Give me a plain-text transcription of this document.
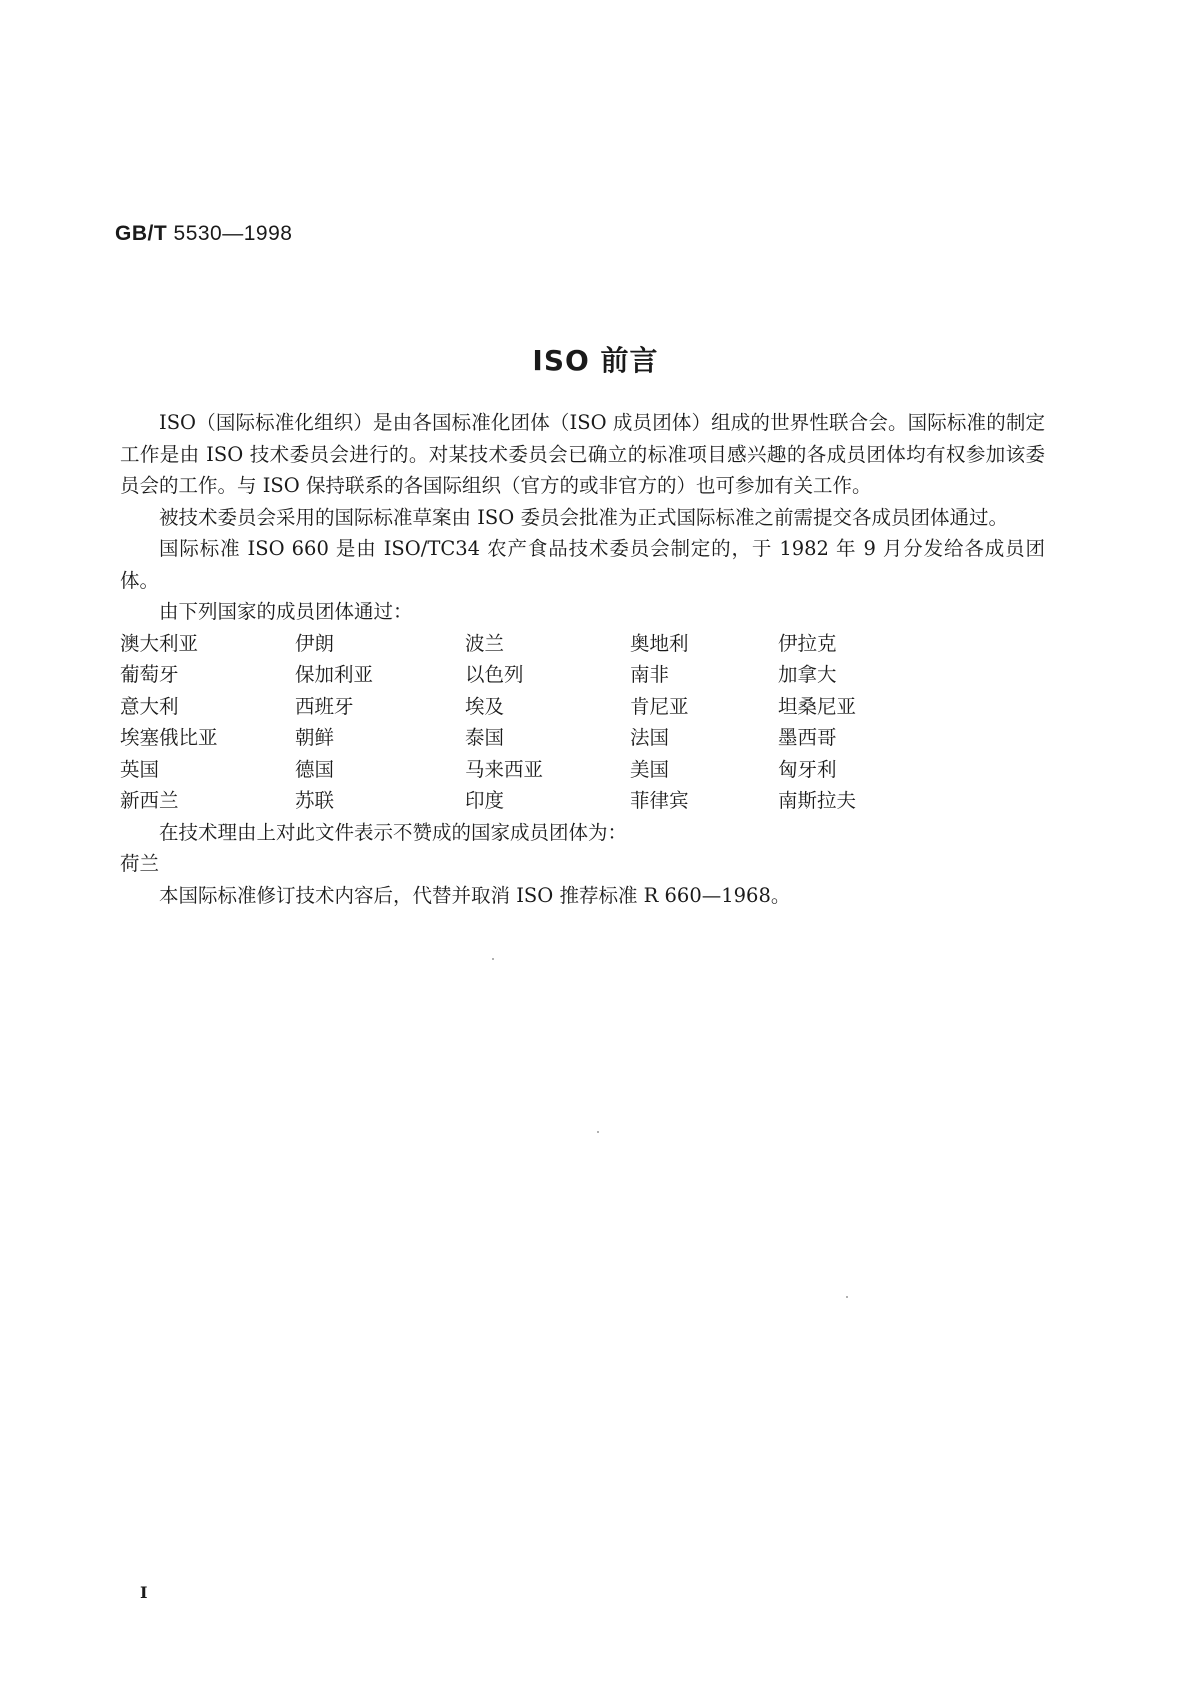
GB/T 5530—1998
ISO 前言

ISO（国际标准化组织）是由各国标准化团体（ISO 成员团体）组成的世界性联合会。国际标准的制定工作是由 ISO 技术委员会进行的。对某技术委员会已确立的标准项目感兴趣的各成员团体均有权参加该委员会的工作。与 ISO 保持联系的各国际组织（官方的或非官方的）也可参加有关工作。

被技术委员会采用的国际标准草案由 ISO 委员会批准为正式国际标准之前需提交各成员团体通过。

国际标准 ISO 660 是由 ISO/TC34 农产食品技术委员会制定的，于 1982 年 9 月分发给各成员团体。

由下列国家的成员团体通过：

澳大利亚	伊朗	波兰	奥地利	伊拉克
葡萄牙	保加利亚	以色列	南非	加拿大
意大利	西班牙	埃及	肯尼亚	坦桑尼亚
埃塞俄比亚	朝鲜	泰国	法国	墨西哥
英国	德国	马来西亚	美国	匈牙利
新西兰	苏联	印度	菲律宾	南斯拉夫

在技术理由上对此文件表示不赞成的国家成员团体为：

荷兰

本国际标准修订技术内容后，代替并取消 ISO 推荐标准 R 660—1968。

I
